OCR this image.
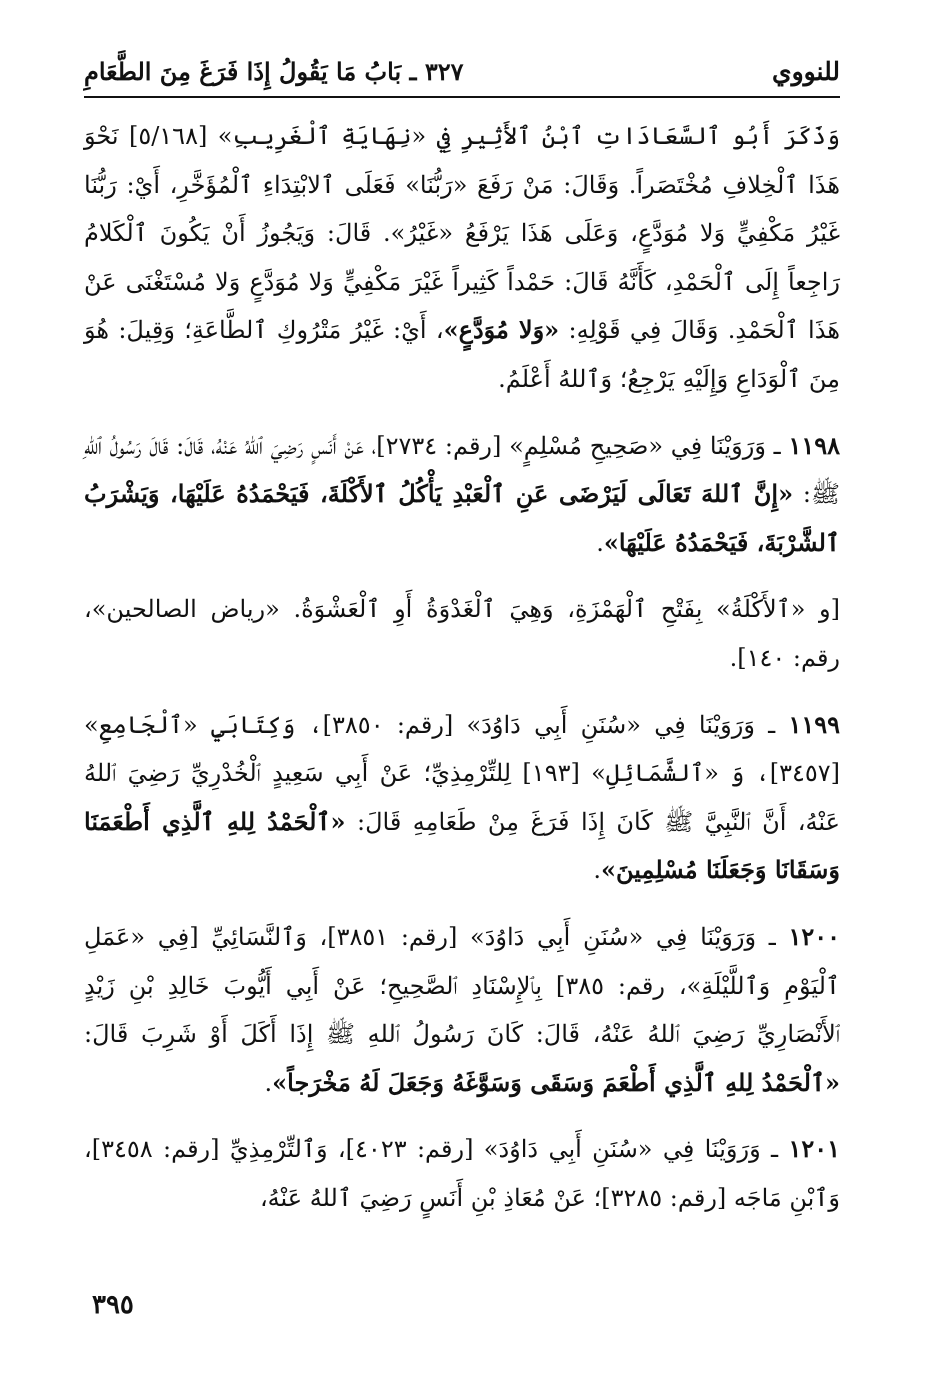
للنووي
٣٢٧ ـ بَابُ مَا يَقُولُ إِذَا فَرَغَ مِنَ الطَّعَامِ

وَذَكَرَ أَبُو ٱلسَّعَادَاتِ ٱبْنُ ٱلأَثِيرِ فِي «نِهَايَةِ ٱلْغَرِيبِ» [٥/١٦٨] نَحْوَ هَذَا ٱلْخِلافِ مُخْتَصَراً. وَقَالَ: مَنْ رَفَعَ «رَبُّنَا» فَعَلَى ٱلابْتِدَاءِ ٱلْمُؤَخَّرِ، أَيْ: رَبُّنَا غَيْرُ مَكْفِيٍّ وَلا مُوَدَّعٍ، وَعَلَى هَذَا يَرْفَعُ «غَيْرُ». قَالَ: وَيَجُوزُ أَنْ يَكُونَ ٱلْكَلامُ رَاجِعاً إِلَى ٱلْحَمْدِ، كَأَنَّهُ قَالَ: حَمْداً كَثِيراً غَيْرَ مَكْفِيٍّ وَلا مُوَدَّعٍ وَلا مُسْتَغْنَى عَنْ هَذَا ٱلْحَمْدِ. وَقَالَ فِي قَوْلِهِ: «وَلا مُوَدَّعٍ»، أَيْ: غَيْرُ مَتْرُوكِ ٱلطَّاعَةِ؛ وَقِيلَ: هُوَ مِنَ ٱلْوَدَاعِ وَإِلَيْهِ يَرْجِعُ؛ وَٱللهُ أَعْلَمُ.

١١٩٨ ـ وَرَوَيْنَا فِي «صَحِيحِ مُسْلِمٍ» [رقم: ٢٧٣٤]، عَنْ أَنَسٍ رَضِيَ ٱللهُ عَنْهُ، قَالَ: قَالَ رَسُولُ ٱللهِ ﷺ: «إِنَّ ٱللهَ تَعَالَى لَيَرْضَى عَنِ ٱلْعَبْدِ يَأْكُلُ ٱلأَكْلَةَ، فَيَحْمَدُهُ عَلَيْهَا، وَيَشْرَبُ ٱلشَّرْبَةَ، فَيَحْمَدُهُ عَلَيْهَا».

[و «ٱلأَكْلَةُ» بِفَتْحِ ٱلْهَمْزَةِ، وَهِيَ ٱلْغَدْوَةُ أَوِ ٱلْعَشْوَةُ. «رياض الصالحين»، رقم: ١٤٠].

١١٩٩ ـ وَرَوَيْنَا فِي «سُنَنِ أَبِي دَاوُدَ» [رقم: ٣٨٥٠]، وَكِتَابَيِ «ٱلْجَامِعِ» [٣٤٥٧]، وَ «ٱلشَّمَائِلِ» [١٩٣] لِلتِّرْمِذِيِّ؛ عَنْ أَبِي سَعِيدٍ ٱلْخُدْرِيِّ رَضِيَ ٱللهُ عَنْهُ، أَنَّ ٱلنَّبِيَّ ﷺ كَانَ إِذَا فَرَغَ مِنْ طَعَامِهِ قَالَ: «ٱلْحَمْدُ لِلهِ ٱلَّذِي أَطْعَمَنَا وَسَقَانَا وَجَعَلَنَا مُسْلِمِينَ».

١٢٠٠ ـ وَرَوَيْنَا فِي «سُنَنِ أَبِي دَاوُدَ» [رقم: ٣٨٥١]، وَٱلنَّسَائِيِّ [فِي «عَمَلِ ٱلْيَوْمِ وَٱللَّيْلَةِ»، رقم: ٣٨٥] بِٱلإِسْنَادِ ٱلصَّحِيحِ؛ عَنْ أَبِي أَيُّوبَ خَالِدِ بْنِ زَيْدٍ ٱلأَنْصَارِيِّ رَضِيَ ٱللهُ عَنْهُ، قَالَ: كَانَ رَسُولُ ٱللهِ ﷺ إِذَا أَكَلَ أَوْ شَرِبَ قَالَ: «ٱلْحَمْدُ لِلهِ ٱلَّذِي أَطْعَمَ وَسَقَى وَسَوَّغَهُ وَجَعَلَ لَهُ مَخْرَجاً».

١٢٠١ ـ وَرَوَيْنَا فِي «سُنَنِ أَبِي دَاوُدَ» [رقم: ٤٠٢٣]، وَٱلتِّرْمِذِيِّ [رقم: ٣٤٥٨]، وَٱبْنِ مَاجَه [رقم: ٣٢٨٥]؛ عَنْ مُعَاذِ بْنِ أَنَسٍ رَضِيَ ٱللهُ عَنْهُ،

٣٩٥
